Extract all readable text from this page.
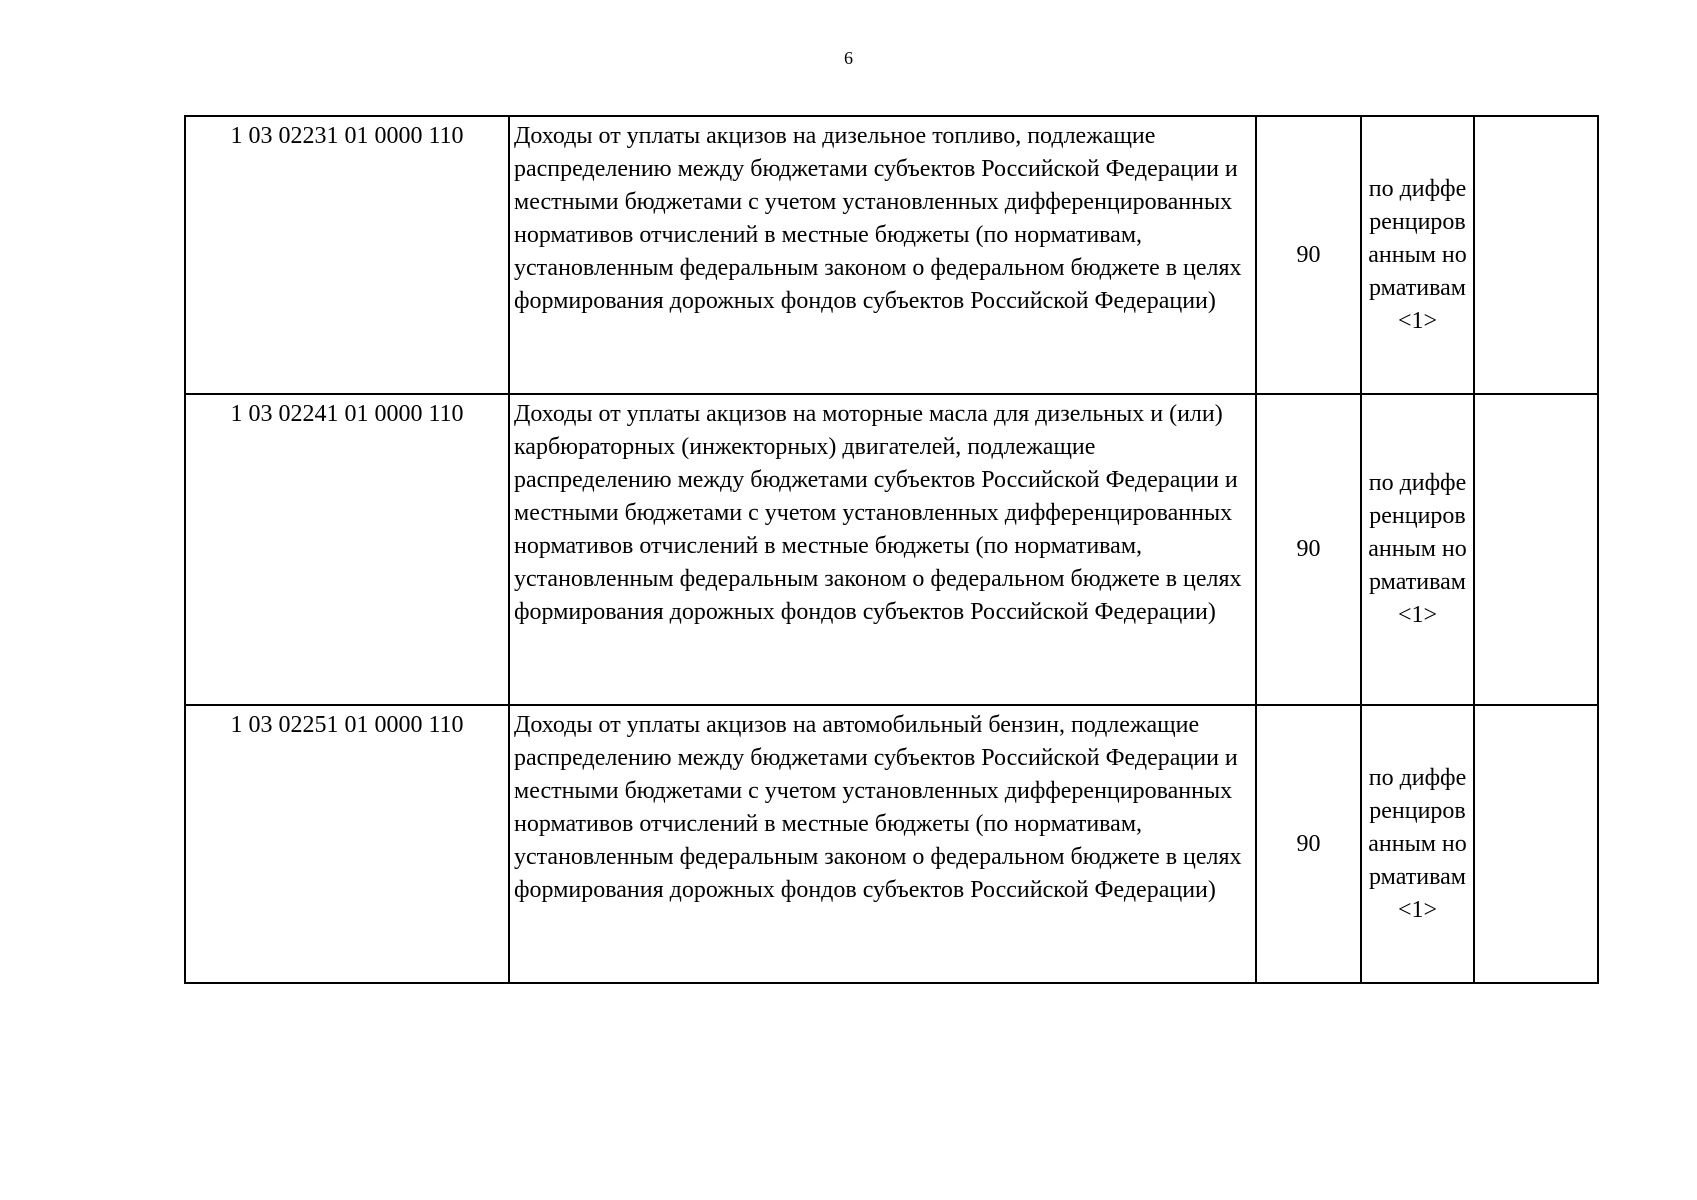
6
1 03 02231 01 0000 110	Доходы от уплаты акцизов на дизельное топливо, подлежащие распределению между бюджетами субъектов Российской Федерации и местными бюджетами с учетом установленных дифференцированных нормативов отчислений в местные бюджеты (по нормативам, установленным федеральным законом о федеральном бюджете в целях формирования дорожных фондов субъектов Российской Федерации)	90	по дифференцированным нормативам <1>	
1 03 02241 01 0000 110	Доходы от уплаты акцизов на моторные масла для дизельных и (или) карбюраторных (инжекторных) двигателей, подлежащие распределению между бюджетами субъектов Российской Федерации и местными бюджетами с учетом установленных дифференцированных нормативов отчислений в местные бюджеты (по нормативам, установленным федеральным законом о федеральном бюджете в целях формирования дорожных фондов субъектов Российской Федерации)	90	по дифференцированным нормативам <1>	
1 03 02251 01 0000 110	Доходы от уплаты акцизов на автомобильный бензин, подлежащие распределению между бюджетами субъектов Российской Федерации и местными бюджетами с учетом установленных дифференцированных нормативов отчислений в местные бюджеты (по нормативам, установленным федеральным законом о федеральном бюджете в целях формирования дорожных фондов субъектов Российской Федерации)	90	по дифференцированным нормативам <1>	
